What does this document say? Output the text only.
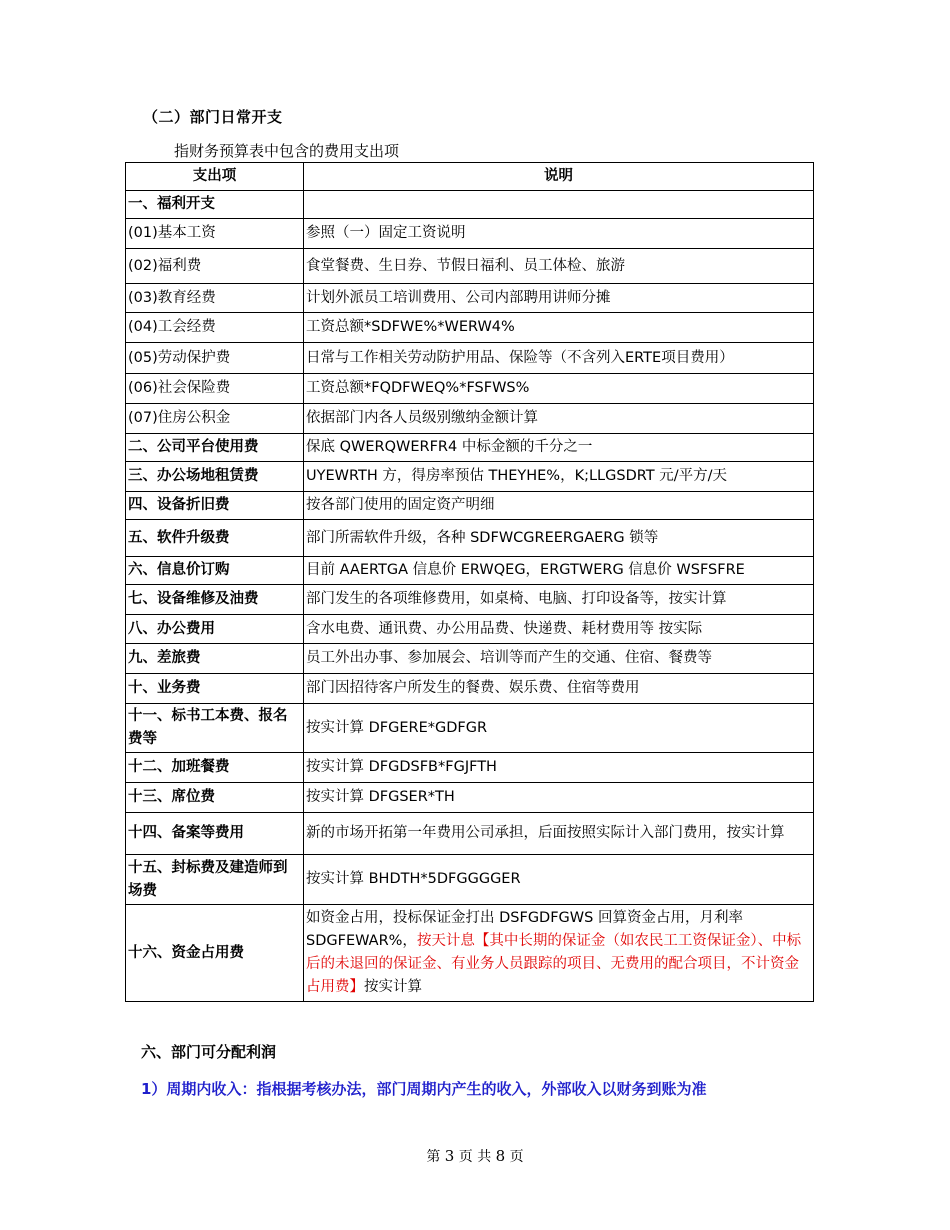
（二）部门日常开支
指财务预算表中包含的费用支出项
支出项	说明
一、福利开支	
(01)基本工资	参照（一）固定工资说明
(02)福利费	食堂餐费、生日券、节假日福利、员工体检、旅游
(03)教育经费	计划外派员工培训费用、公司内部聘用讲师分摊
(04)工会经费	工资总额*SDFWE%*WERW4%
(05)劳动保护费	日常与工作相关劳动防护用品、保险等（不含列入ERTE项目费用）
(06)社会保险费	工资总额*FQDFWEQ%*FSFWS%
(07)住房公积金	依据部门内各人员级别缴纳金额计算
二、公司平台使用费	保底 QWERQWERFR4 中标金额的千分之一
三、办公场地租赁费	UYEWRTH 方，得房率预估 THEYHE%，K;LLGSDRT 元/平方/天
四、设备折旧费	按各部门使用的固定资产明细
五、软件升级费	部门所需软件升级，各种 SDFWCGREERGAERG 锁等
六、信息价订购	目前 AAERTGA 信息价 ERWQEG，ERGTWERG 信息价 WSFSFRE
七、设备维修及油费	部门发生的各项维修费用，如桌椅、电脑、打印设备等，按实计算
八、办公费用	含水电费、通讯费、办公用品费、快递费、耗材费用等 按实际
九、差旅费	员工外出办事、参加展会、培训等而产生的交通、住宿、餐费等
十、业务费	部门因招待客户所发生的餐费、娱乐费、住宿等费用
十一、标书工本费、报名费等	按实计算 DFGERE*GDFGR
十二、加班餐费	按实计算 DFGDSFB*FGJFTH
十三、席位费	按实计算 DFGSER*TH
十四、备案等费用	新的市场开拓第一年费用公司承担，后面按照实际计入部门费用，按实计算
十五、封标费及建造师到场费	按实计算 BHDTH*5DFGGGGER
十六、资金占用费	如资金占用，投标保证金打出 DSFGDFGWS 回算资金占用，月利率 SDGFEWAR%，按天计息【其中长期的保证金（如农民工工资保证金）、中标后的未退回的保证金、有业务人员跟踪的项目、无费用的配合项目，不计资金占用费】按实计算
六、部门可分配利润
1）周期内收入：指根据考核办法，部门周期内产生的收入，外部收入以财务到账为准
第 3 页 共 8 页
